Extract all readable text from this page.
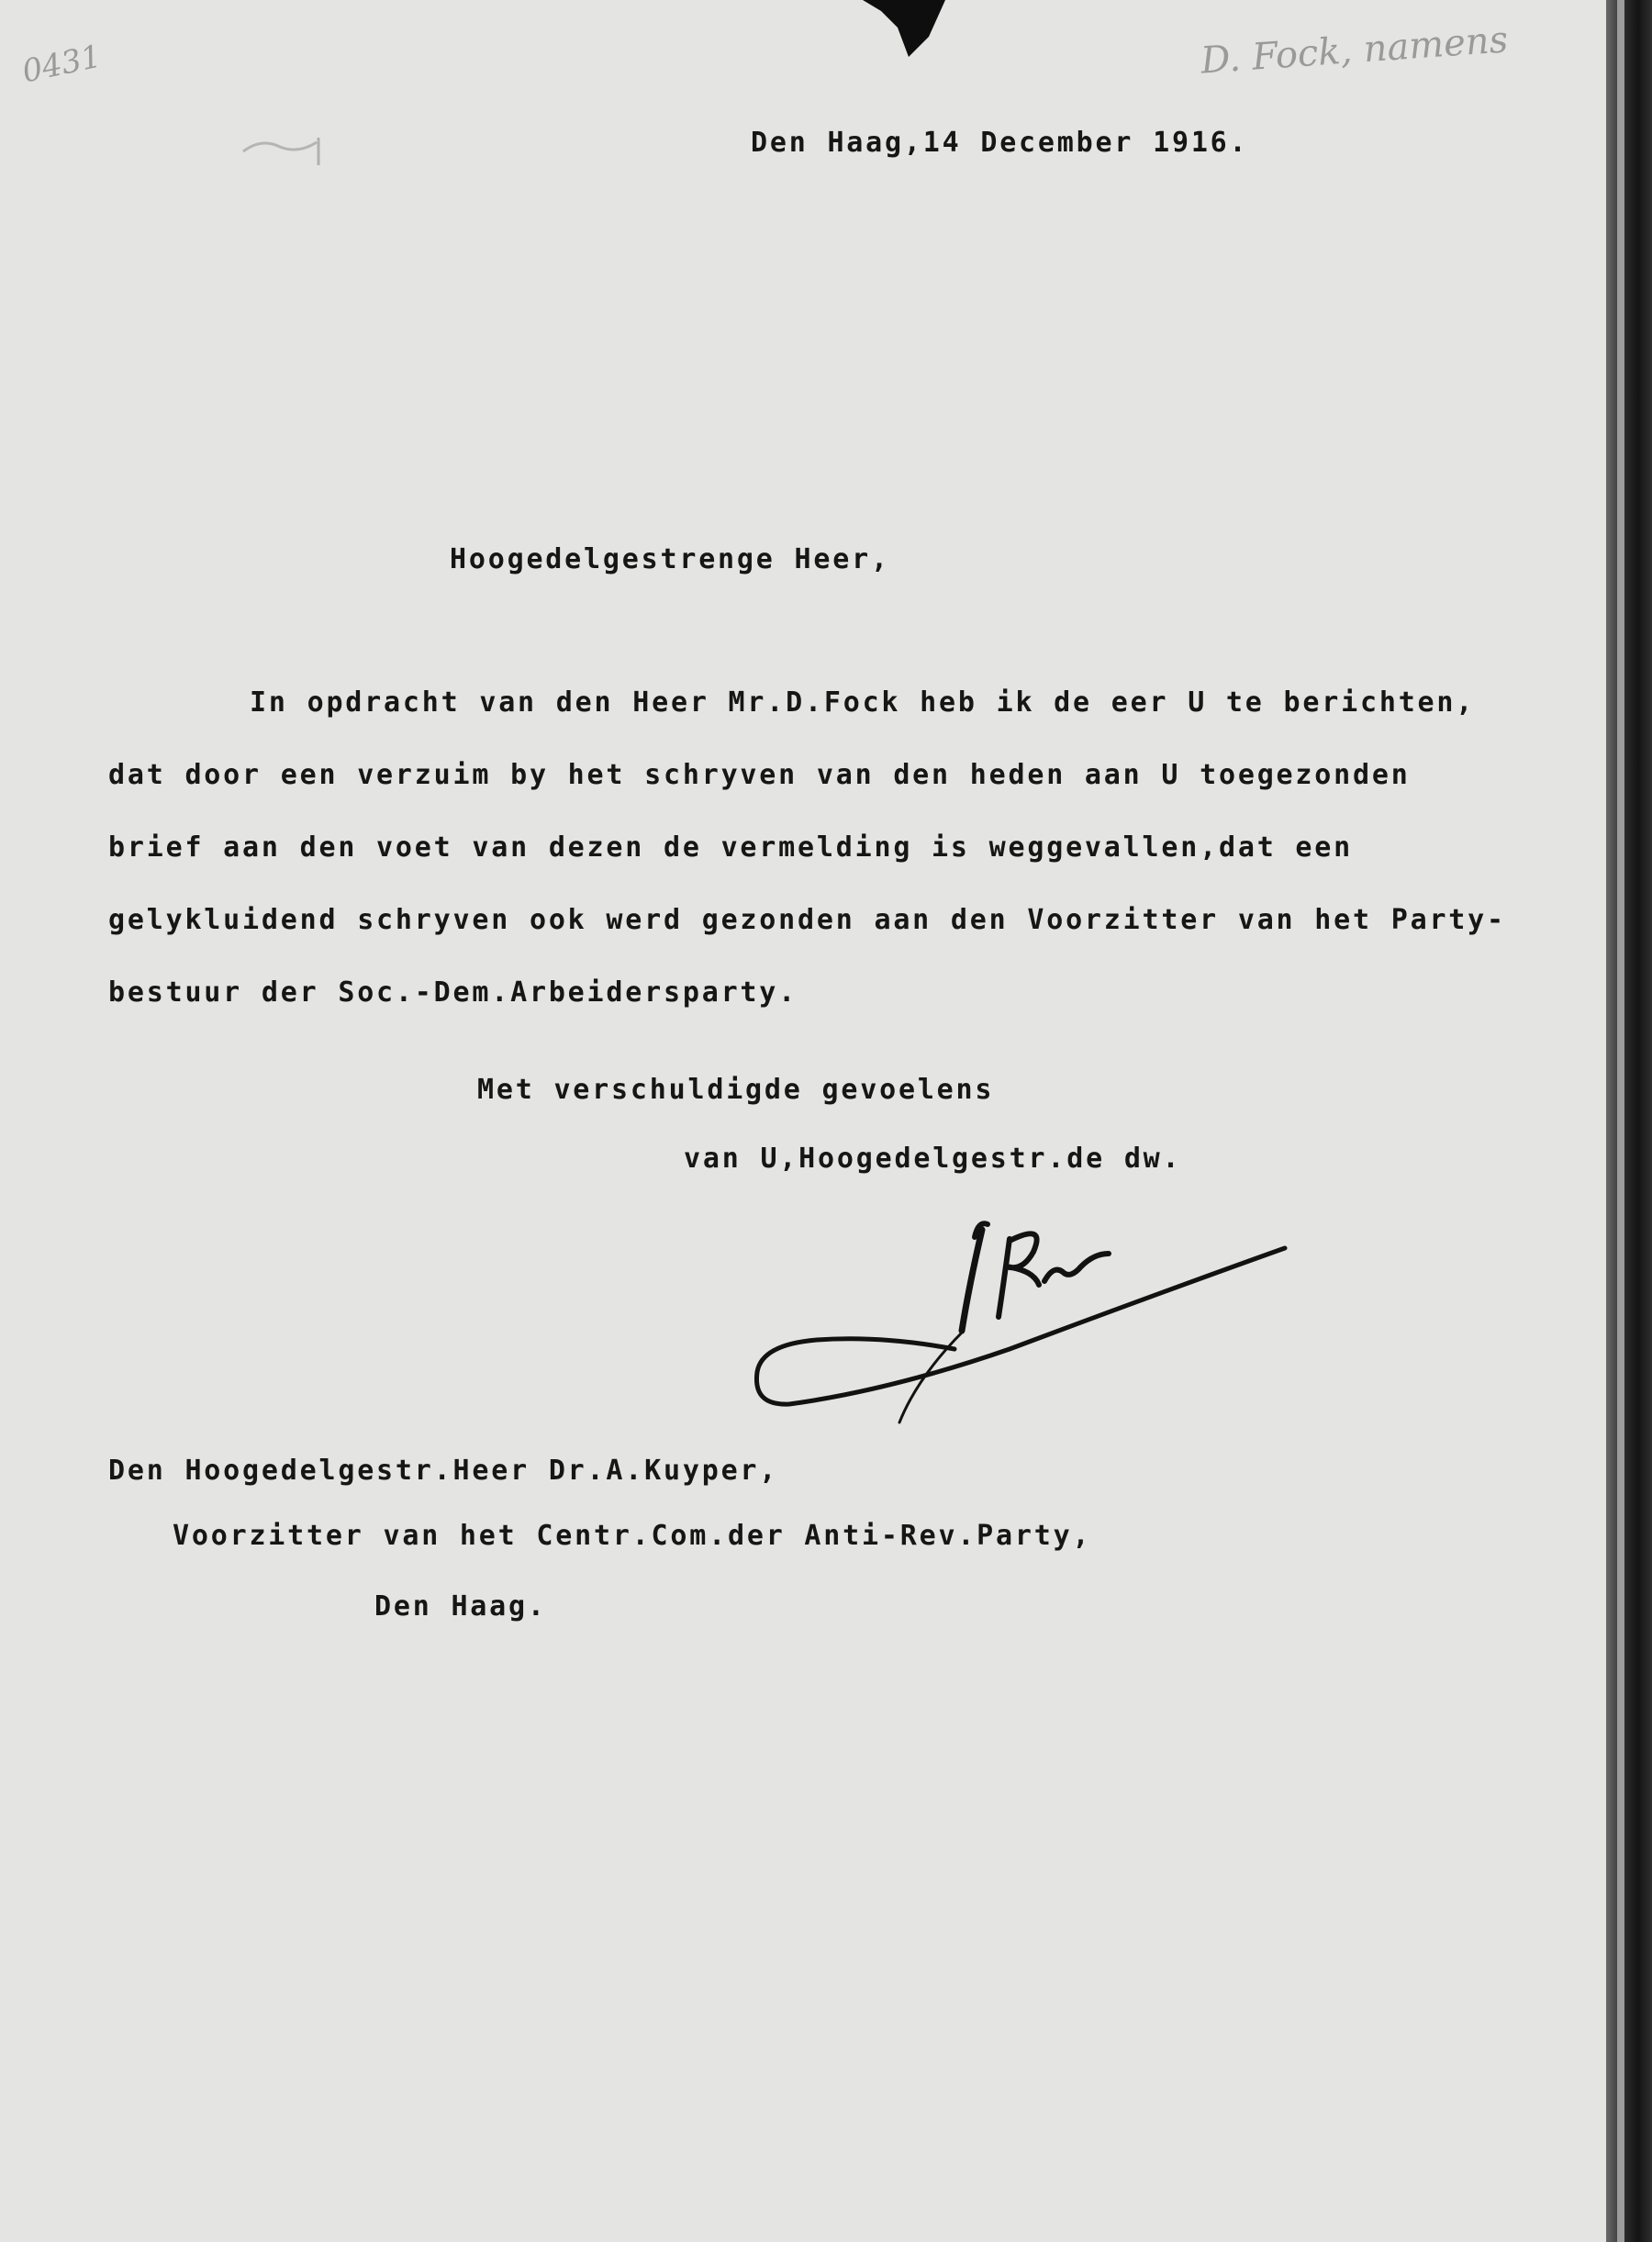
0431	D. Fock, namens
Den Haag,14 December 1916.
Hoogedelgestrenge Heer,
In opdracht van den Heer Mr.D.Fock heb ik de eer U te berichten,
dat door een verzuim by het schryven van den heden aan U toegezonden
brief aan den voet van dezen de vermelding is weggevallen,dat een
gelykluidend schryven ook werd gezonden aan den Voorzitter van het Party-
bestuur der Soc.-Dem.Arbeidersparty.
Met verschuldigde gevoelens
van U,Hoogedelgestr.de dw.
Den Hoogedelgestr.Heer Dr.A.Kuyper,
Voorzitter van het Centr.Com.der Anti-Rev.Party,
Den Haag.
